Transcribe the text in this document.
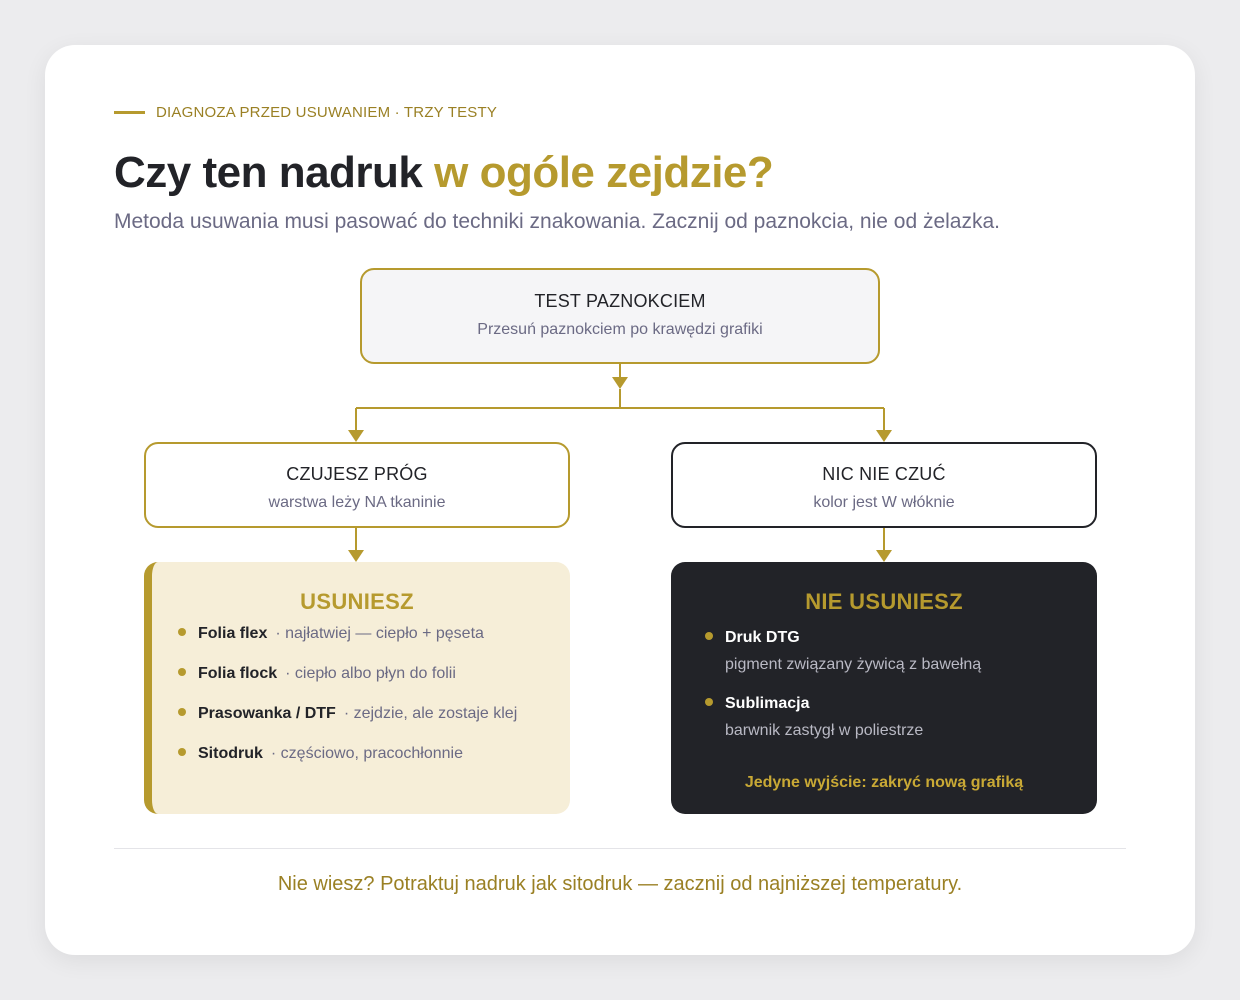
DIAGNOZA PRZED USUWANIEM · TRZY TESTY
Czy ten nadruk w ogóle zejdzie?
Metoda usuwania musi pasować do techniki znakowania. Zacznij od paznokcia, nie od żelazka.
TEST PAZNOKCIEM
Przesuń paznokciem po krawędzi grafiki
CZUJESZ PRÓG
warstwa leży NA tkaninie
NIC NIE CZUĆ
kolor jest W włóknie
USUNIESZ
Folia flex · najłatwiej — ciepło + pęseta
Folia flock · ciepło albo płyn do folii
Prasowanka / DTF · zejdzie, ale zostaje klej
Sitodruk · częściowo, pracochłonnie
NIE USUNIESZ
Druk DTG
pigment związany żywicą z bawełną
Sublimacja
barwnik zastygł w poliestrze
Jedyne wyjście: zakryć nową grafiką
Nie wiesz? Potraktuj nadruk jak sitodruk — zacznij od najniższej temperatury.
